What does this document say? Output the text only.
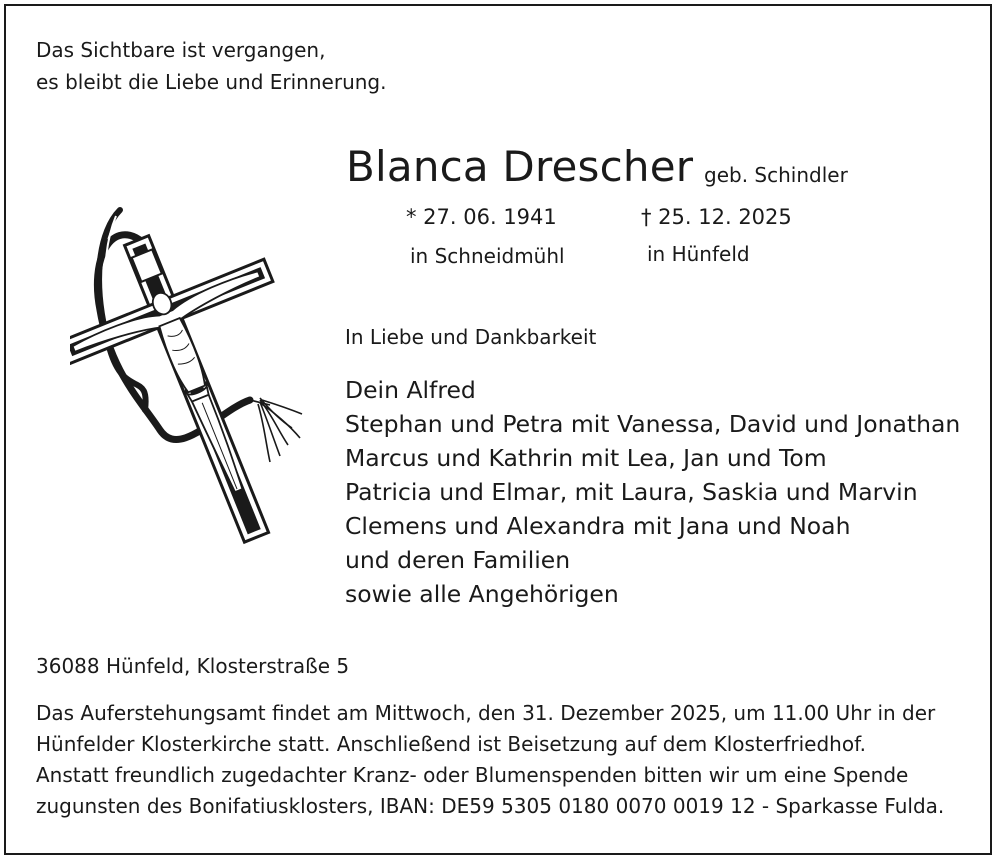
Das Sichtbare ist vergangen,
es bleibt die Liebe und Erinnerung.
Blanca Drescher geb. Schindler
* 27. 06. 1941	† 25. 12. 2025
in Schneidmühl	in Hünfeld
In Liebe und Dankbarkeit
Dein Alfred
Stephan und Petra mit Vanessa, David und Jonathan
Marcus und Kathrin mit Lea, Jan und Tom
Patricia und Elmar, mit Laura, Saskia und Marvin
Clemens und Alexandra mit Jana und Noah
und deren Familien
sowie alle Angehörigen
36088 Hünfeld, Klosterstraße 5
Das Auferstehungsamt findet am Mittwoch, den 31. Dezember 2025, um 11.00 Uhr in der
Hünfelder Klosterkirche statt. Anschließend ist Beisetzung auf dem Klosterfriedhof.
Anstatt freundlich zugedachter Kranz- oder Blumenspenden bitten wir um eine Spende
zugunsten des Bonifatiusklosters, IBAN: DE59 5305 0180 0070 0019 12 - Sparkasse Fulda.
